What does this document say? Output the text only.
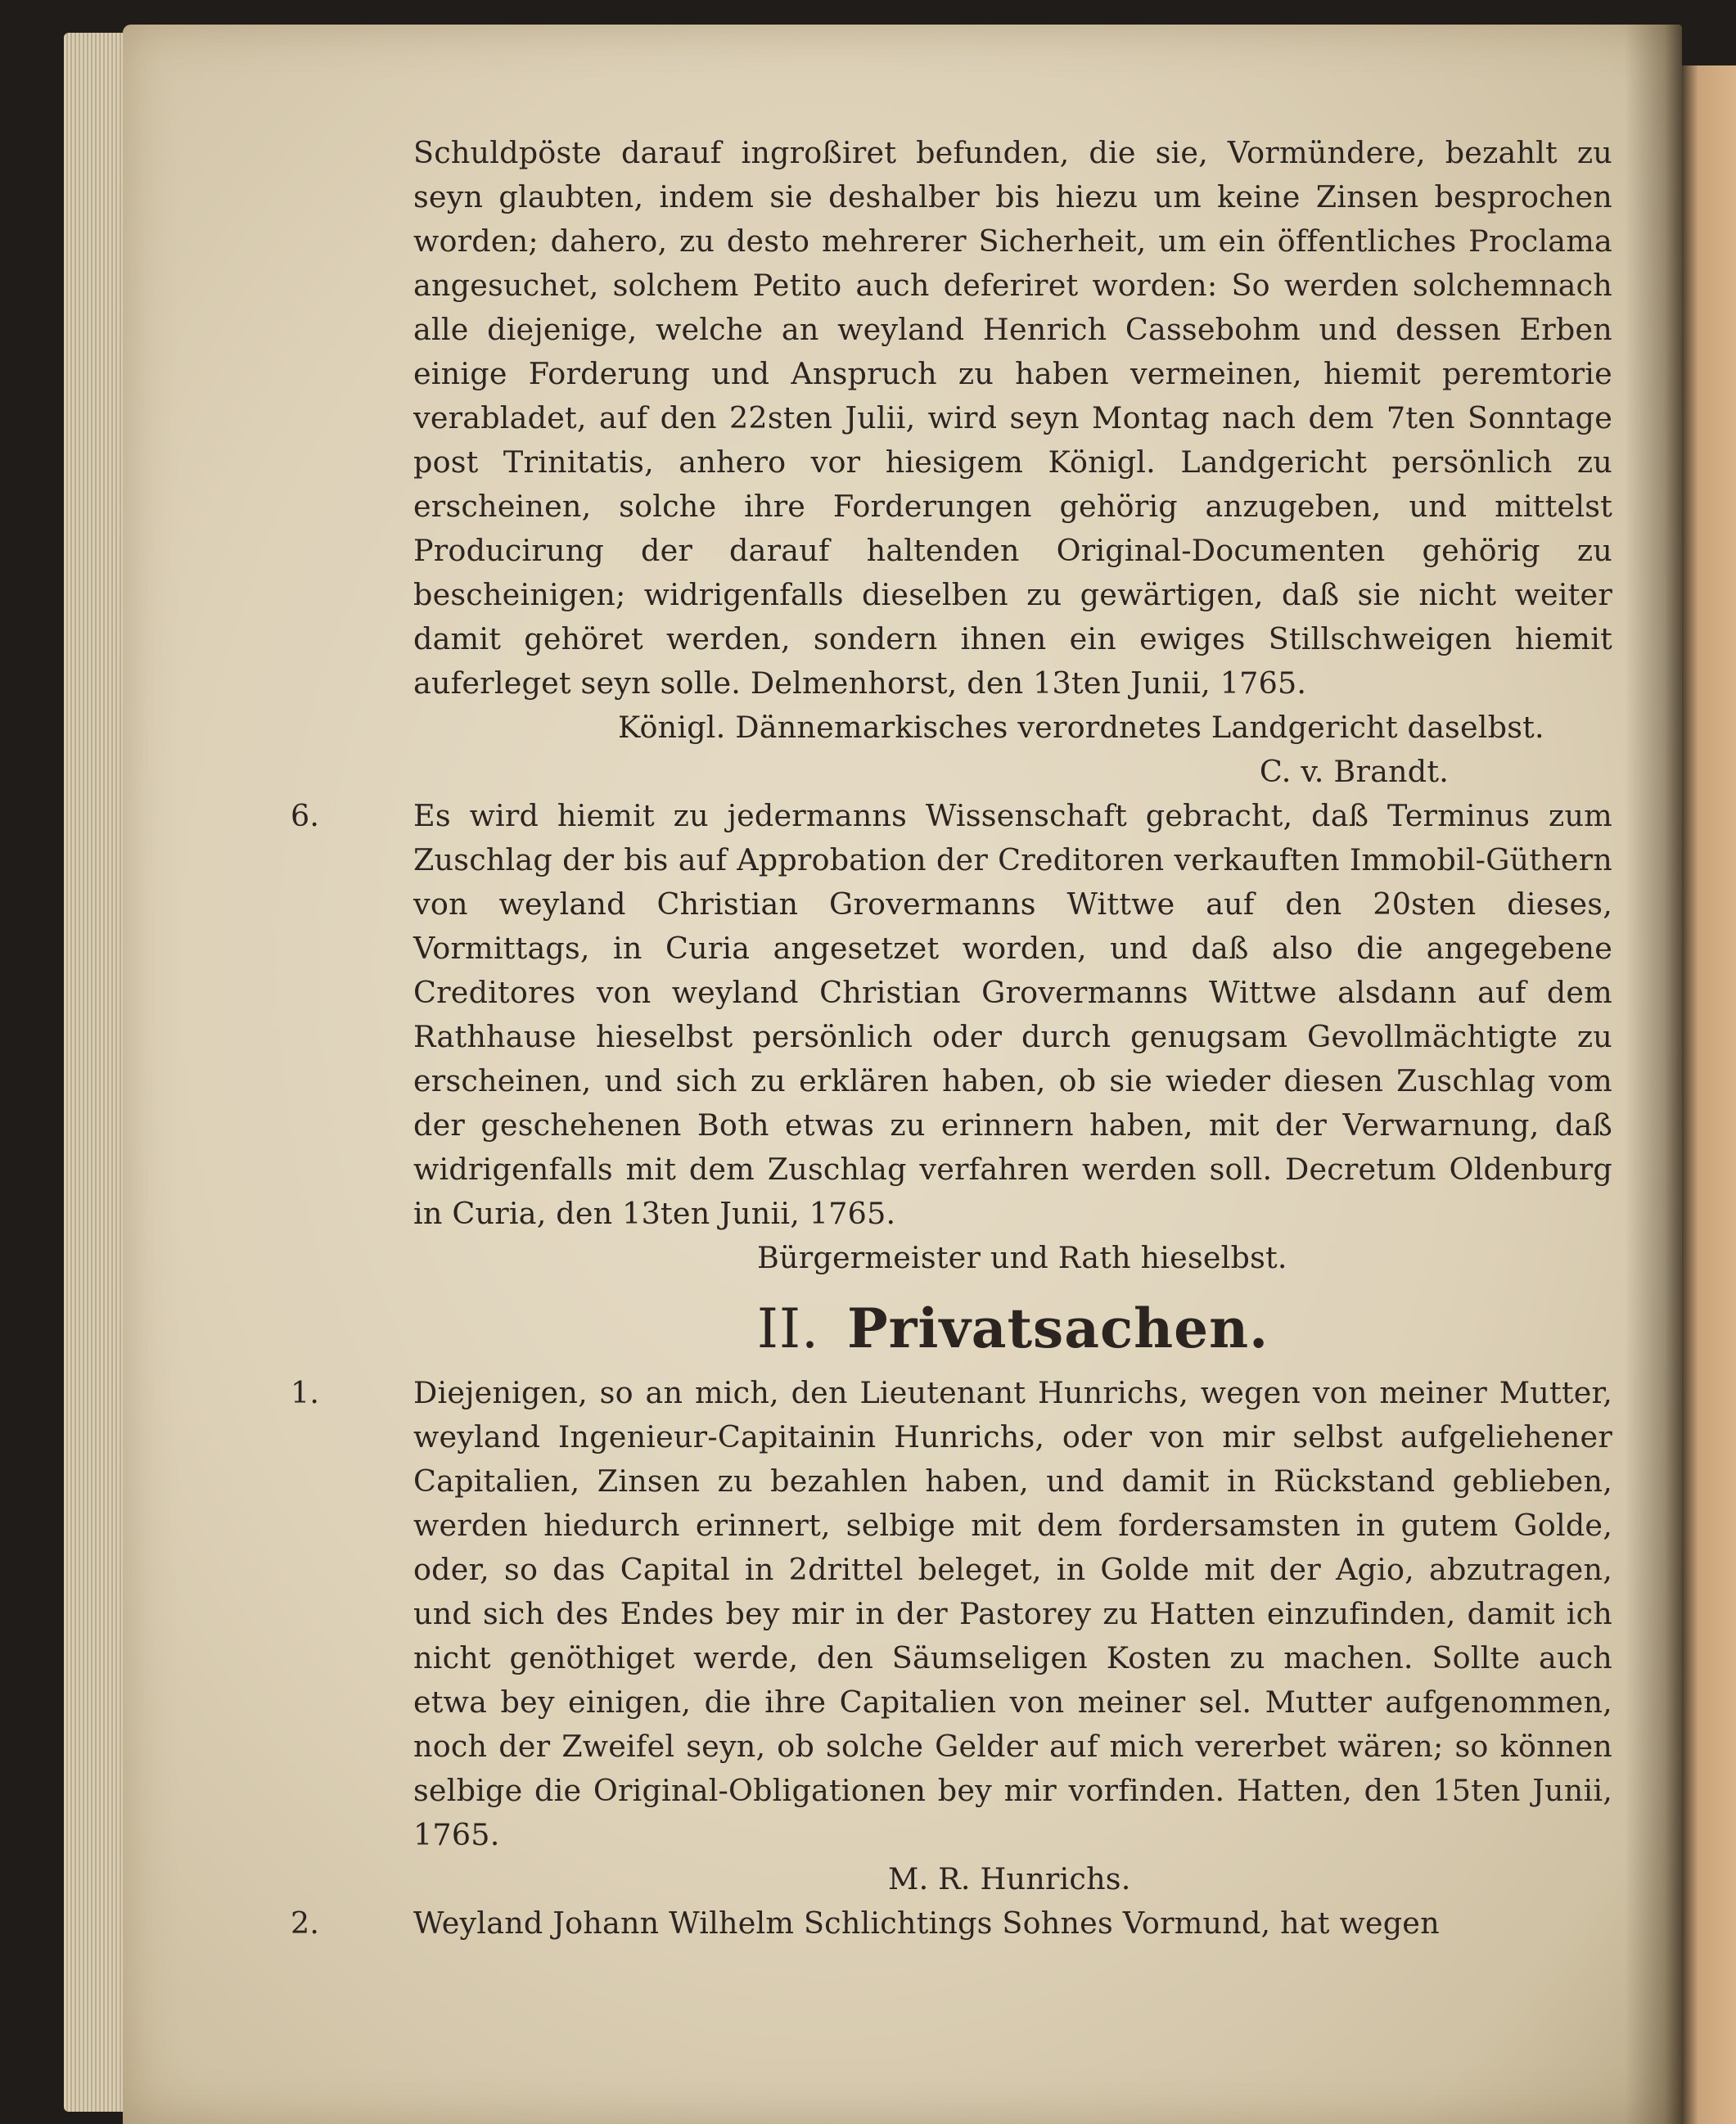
Schuldpöste darauf ingroßiret befunden, die sie, Vormündere, bezahlt zu seyn glaubten, indem sie deshalber bis hiezu um keine Zinsen besprochen worden; dahero, zu desto mehrerer Sicherheit, um ein öffentliches Proclama angesuchet, solchem Petito auch deferiret worden: So werden solchemnach alle diejenige, welche an weyland Henrich Cassebohm und dessen Erben einige Forderung und Anspruch zu haben vermeinen, hiemit peremtorie verabladet, auf den 22sten Julii, wird seyn Montag nach dem 7ten Sonntage post Trinitatis, anhero vor hiesigem Königl. Landgericht persönlich zu erscheinen, solche ihre Forderungen gehörig anzugeben, und mittelst Producirung der darauf haltenden Original-Documenten gehörig zu bescheinigen; widrigenfalls dieselben zu gewärtigen, daß sie nicht weiter damit gehöret werden, sondern ihnen ein ewiges Stillschweigen hiemit auferleget seyn solle. Delmenhorst, den 13ten Junii, 1765.

Königl. Dännemarkisches verordnetes Landgericht daselbst.

C. v. Brandt.

6.	Es wird hiemit zu jedermanns Wissenschaft gebracht, daß Terminus zum Zuschlag der bis auf Approbation der Creditoren verkauften Immobil-Güthern von weyland Christian Grovermanns Wittwe auf den 20sten dieses, Vormittags, in Curia angesetzet worden, und daß also die angegebene Creditores von weyland Christian Grovermanns Wittwe alsdann auf dem Rathhause hieselbst persönlich oder durch genugsam Gevollmächtigte zu erscheinen, und sich zu erklären haben, ob sie wieder diesen Zuschlag vom der geschehenen Both etwas zu erinnern haben, mit der Verwarnung, daß widrigenfalls mit dem Zuschlag verfahren werden soll. Decretum Oldenburg in Curia, den 13ten Junii, 1765.

Bürgermeister und Rath hieselbst.

II. Privatsachen.
1.	Diejenigen, so an mich, den Lieutenant Hunrichs, wegen von meiner Mutter, weyland Ingenieur-Capitainin Hunrichs, oder von mir selbst aufgeliehener Capitalien, Zinsen zu bezahlen haben, und damit in Rückstand geblieben, werden hiedurch erinnert, selbige mit dem fordersamsten in gutem Golde, oder, so das Capital in 2drittel beleget, in Golde mit der Agio, abzutragen, und sich des Endes bey mir in der Pastorey zu Hatten einzufinden, damit ich nicht genöthiget werde, den Säumseligen Kosten zu machen. Sollte auch etwa bey einigen, die ihre Capitalien von meiner sel. Mutter aufgenommen, noch der Zweifel seyn, ob solche Gelder auf mich vererbet wären; so können selbige die Original-Obligationen bey mir vorfinden. Hatten, den 15ten Junii, 1765.

M. R. Hunrichs.

2.	Weyland Johann Wilhelm Schlichtings Sohnes Vormund, hat wegen
